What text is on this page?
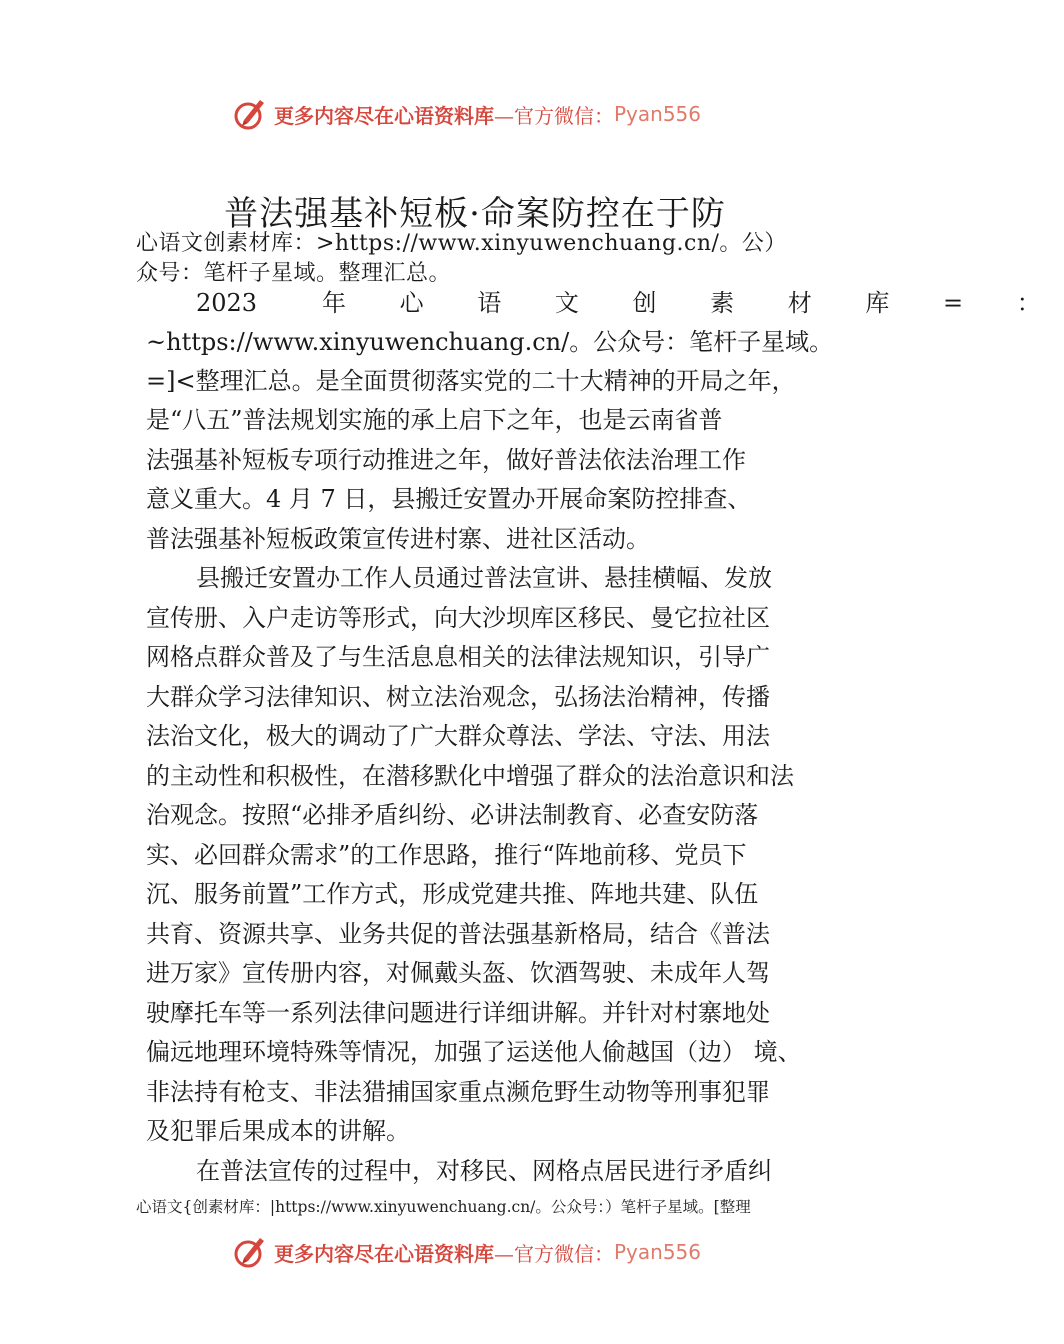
更多内容尽在心语资料库 —官方微信： Pyan556
普法强基补短板·命案防控在于防
心语文创素材库：>https://www.xinyuwenchuang.cn/。公）
众号：笔杆子星域。整理汇总。
2023	年 心 语 文 创 素 材 库 = ：
~https://www.xinyuwenchuang.cn/。公众号：笔杆子星域。
=]<整理汇总。是全面贯彻落实党的二十大精神的开局之年，
是“八五”普法规划实施的承上启下之年，也是云南省普
法强基补短板专项行动推进之年，做好普法依法治理工作
意义重大。4 月 7 日，县搬迁安置办开展命案防控排查、
普法强基补短板政策宣传进村寨、进社区活动。
县搬迁安置办工作人员通过普法宣讲、悬挂横幅、发放
宣传册、入户走访等形式，向大沙坝库区移民、曼它拉社区
网格点群众普及了与生活息息相关的法律法规知识，引导广
大群众学习法律知识、树立法治观念，弘扬法治精神，传播
法治文化，极大的调动了广大群众尊法、学法、守法、用法
的主动性和积极性，在潜移默化中增强了群众的法治意识和法
治观念。按照“必排矛盾纠纷、必讲法制教育、必查安防落
实、必回群众需求”的工作思路，推行“阵地前移、党员下
沉、服务前置”工作方式，形成党建共推、阵地共建、队伍
共育、资源共享、业务共促的普法强基新格局，结合《普法
进万家》宣传册内容，对佩戴头盔、饮酒驾驶、未成年人驾
驶摩托车等一系列法律问题进行详细讲解。并针对村寨地处
偏远地理环境特殊等情况，加强了运送他人偷越国（边） 境、
非法持有枪支、非法猎捕国家重点濒危野生动物等刑事犯罪
及犯罪后果成本的讲解。
在普法宣传的过程中，对移民、网格点居民进行矛盾纠
心语文{创素材库：|https://www.xinyuwenchuang.cn/。公众号：）笔杆子星域。[整理
更多内容尽在心语资料库 —官方微信： Pyan556
